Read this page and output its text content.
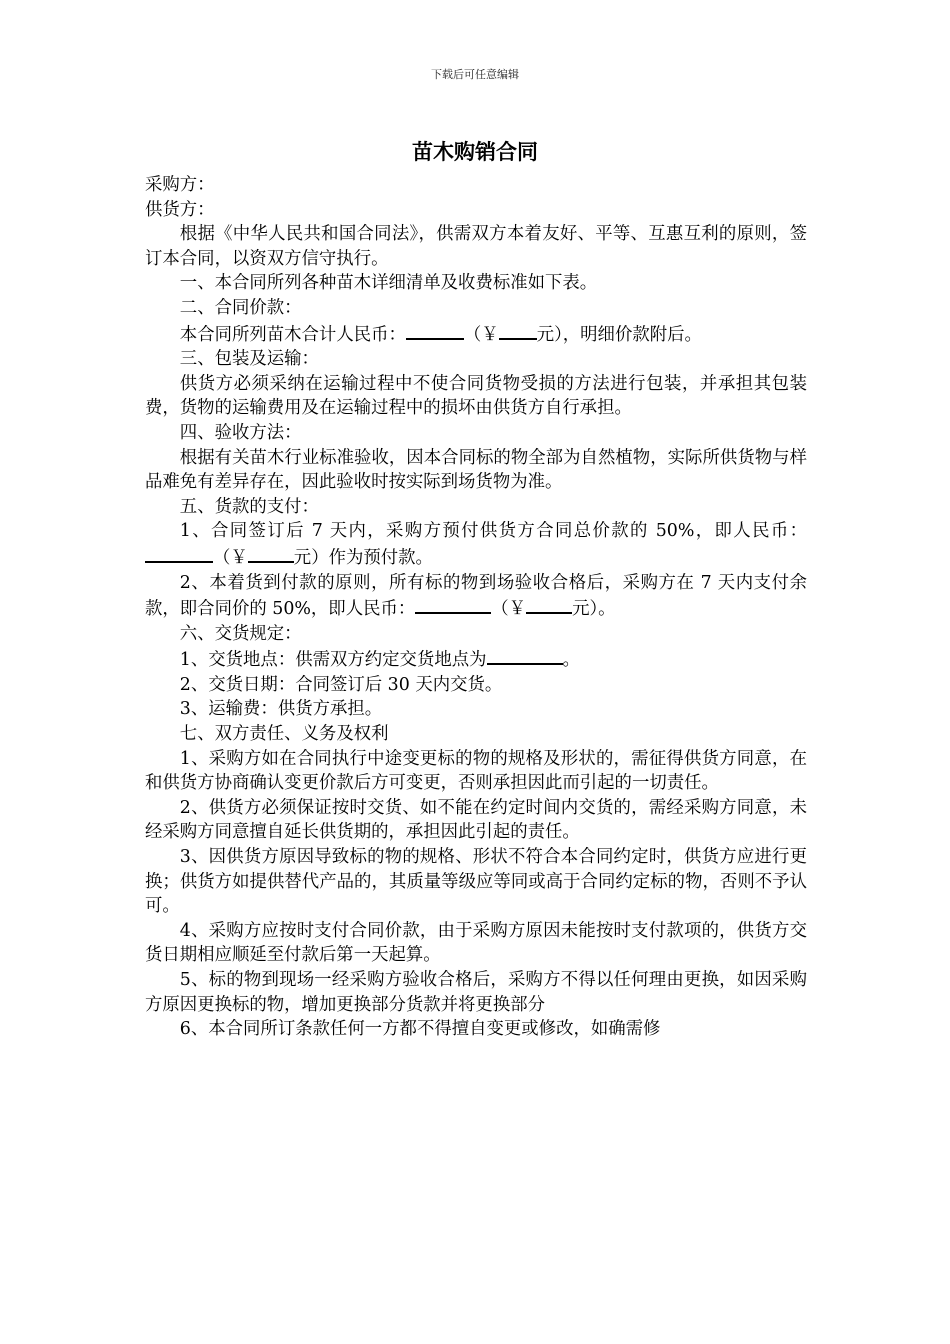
下载后可任意编辑
苗木购销合同

采购方：

供货方：

根据《中华人民共和国合同法》，供需双方本着友好、平等、互惠互利的原则，签订本合同，以资双方信守执行。

一、本合同所列各种苗木详细清单及收费标准如下表。

二、合同价款：

本合同所列苗木合计人民币：	（￥ 元），明细价款附后。

三、包装及运输：

供货方必须采纳在运输过程中不使合同货物受损的方法进行包装，并承担其包装费，货物的运输费用及在运输过程中的损坏由供货方自行承担。

四、验收方法：

根据有关苗木行业标准验收，因本合同标的物全部为自然植物，实际所供货物与样品难免有差异存在，因此验收时按实际到场货物为准。

五、货款的支付：

1、合同签订后 7 天内，采购方预付供货方合同总价款的 50%，即人民币：（￥	元）作为预付款。

2、本着货到付款的原则，所有标的物到场验收合格后，采购方在 7 天内支付余款，即合同价的 50%，即人民币：	（￥	元）。

六、交货规定：

1、交货地点：供需双方约定交货地点为	。

2、交货日期：合同签订后 30 天内交货。

3、运输费：供货方承担。

七、双方责任、义务及权利

1、采购方如在合同执行中途变更标的物的规格及形状的，需征得供货方同意，在和供货方协商确认变更价款后方可变更，否则承担因此而引起的一切责任。

2、供货方必须保证按时交货、如不能在约定时间内交货的，需经采购方同意，未经采购方同意擅自延长供货期的，承担因此引起的责任。

3、因供货方原因导致标的物的规格、形状不符合本合同约定时，供货方应进行更换；供货方如提供替代产品的，其质量等级应等同或高于合同约定标的物，否则不予认可。

4、采购方应按时支付合同价款，由于采购方原因未能按时支付款项的，供货方交货日期相应顺延至付款后第一天起算。

5、标的物到现场一经采购方验收合格后，采购方不得以任何理由更换，如因采购方原因更换标的物，增加更换部分货款并将更换部分

6、本合同所订条款任何一方都不得擅自变更或修改，如确需修
